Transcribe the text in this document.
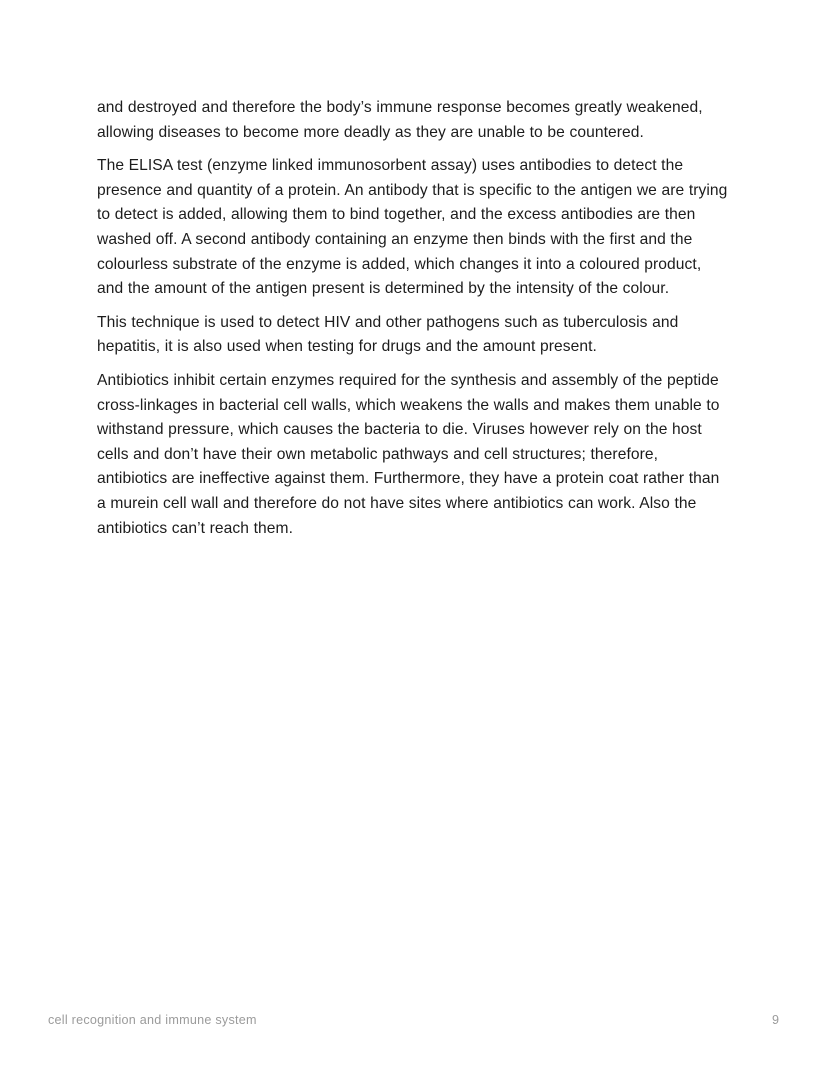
and destroyed and therefore the body’s immune response becomes greatly weakened, allowing diseases to become more deadly as they are unable to be countered.

The ELISA test (enzyme linked immunosorbent assay) uses antibodies to detect the presence and quantity of a protein. An antibody that is specific to the antigen we are trying to detect is added, allowing them to bind together, and the excess antibodies are then washed off. A second antibody containing an enzyme then binds with the first and the colourless substrate of the enzyme is added, which changes it into a coloured product, and the amount of the antigen present is determined by the intensity of the colour.

This technique is used to detect HIV and other pathogens such as tuberculosis and hepatitis, it is also used when testing for drugs and the amount present.

Antibiotics inhibit certain enzymes required for the synthesis and assembly of the peptide cross-linkages in bacterial cell walls, which weakens the walls and makes them unable to withstand pressure, which causes the bacteria to die. Viruses however rely on the host cells and don’t have their own metabolic pathways and cell structures; therefore, antibiotics are ineffective against them. Furthermore, they have a protein coat rather than a murein cell wall and therefore do not have sites where antibiotics can work. Also the antibiotics can’t reach them.

cell recognition and immune system	9
